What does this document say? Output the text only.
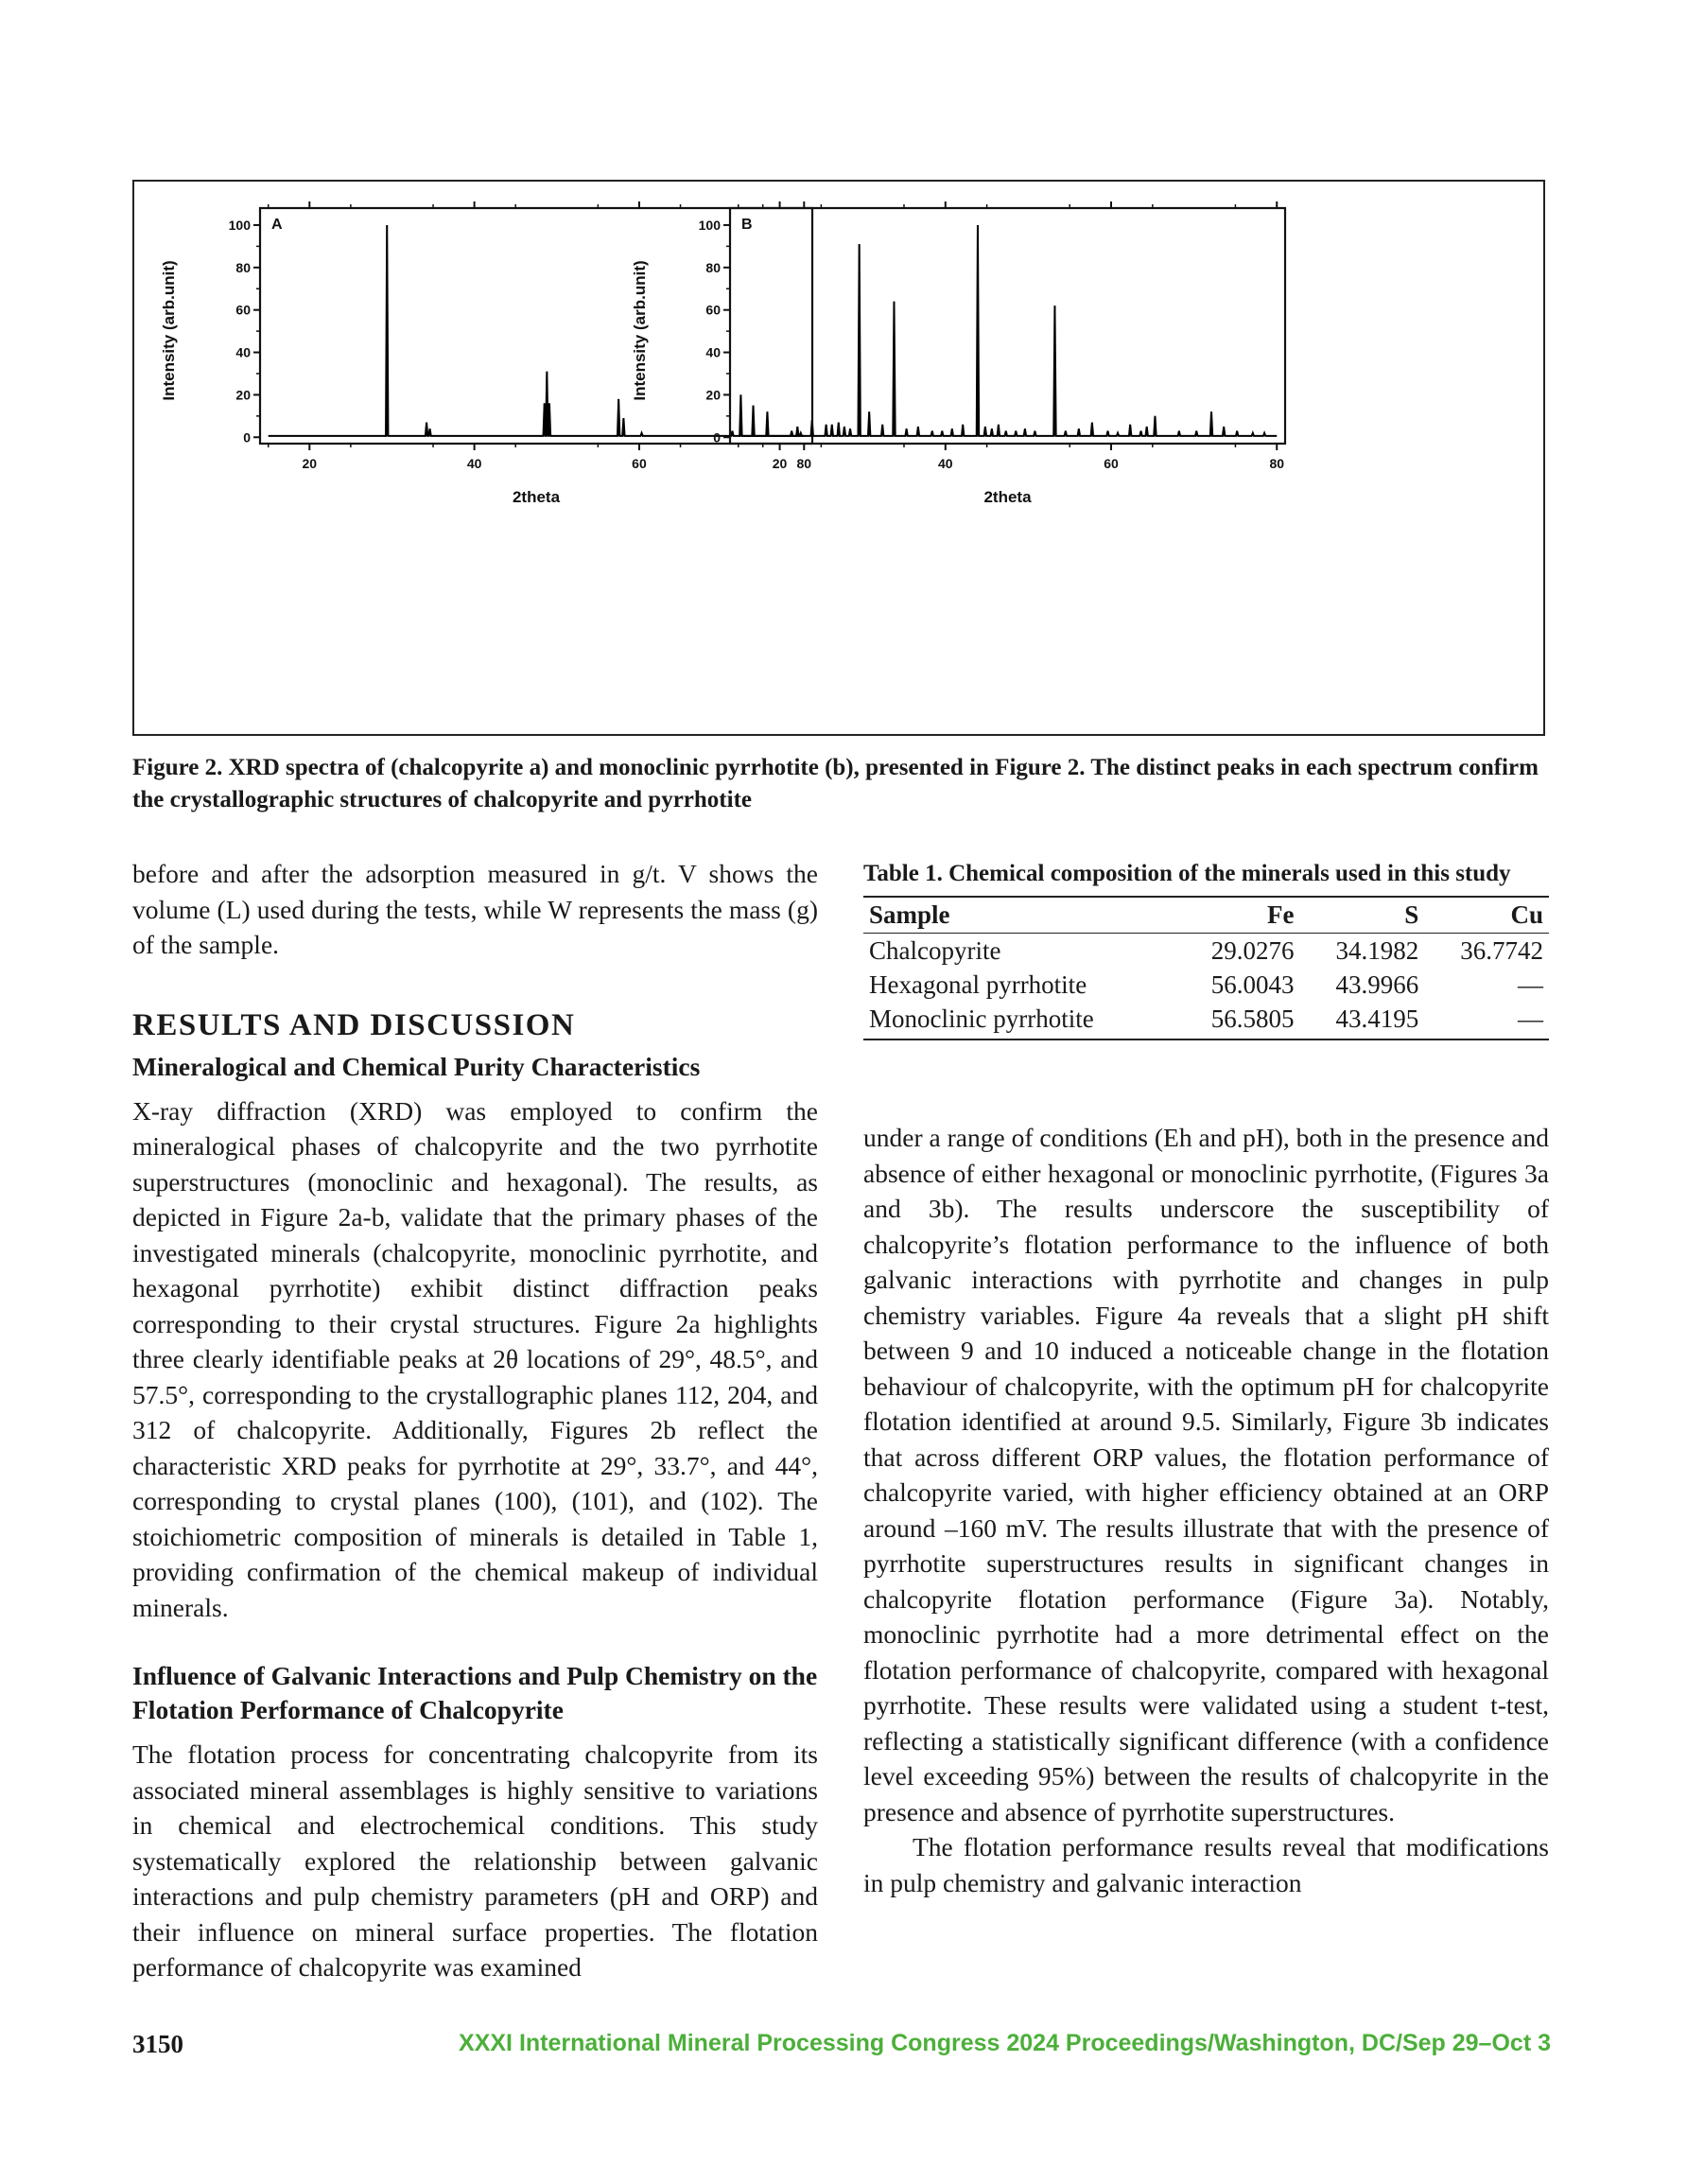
0
20
40
60
80
100
20	40	60	80
A
2theta
Intensity (arb.unit)
0
20
40
60
80
100
20	40	60	80
B
2theta
Intensity (arb.unit)
Figure 2. XRD spectra of (chalcopyrite a) and monoclinic pyrrhotite (b), presented in Figure 2. The distinct peaks in each spectrum confirm the crystallographic structures of chalcopyrite and pyrrhotite

before and after the adsorption measured in g/t. V shows the volume (L) used during the tests, while W represents the mass (g) of the sample.

RESULTS AND DISCUSSION
Mineralogical and Chemical Purity Characteristics

X-ray diffraction (XRD) was employed to confirm the mineralogical phases of chalcopyrite and the two pyrrhotite superstructures (monoclinic and hexagonal). The results, as depicted in Figure 2a-b, validate that the primary phases of the investigated minerals (chalcopyrite, monoclinic pyrrhotite, and hexagonal pyrrhotite) exhibit distinct diffraction peaks corresponding to their crystal structures. Figure 2a highlights three clearly identifiable peaks at 2θ locations of 29°, 48.5°, and 57.5°, corresponding to the crystallographic planes 112, 204, and 312 of chalcopyrite. Additionally, Figures 2b reflect the characteristic XRD peaks for pyrrhotite at 29°, 33.7°, and 44°, corresponding to crystal planes (100), (101), and (102). The stoichiometric composition of minerals is detailed in Table 1, providing confirmation of the chemical makeup of individual minerals.

Influence of Galvanic Interactions and Pulp Chemistry on the Flotation Performance of Chalcopyrite

The flotation process for concentrating chalcopyrite from its associated mineral assemblages is highly sensitive to variations in chemical and electrochemical conditions. This study systematically explored the relationship between galvanic interactions and pulp chemistry parameters (pH and ORP) and their influence on mineral surface properties. The flotation performance of chalcopyrite was examined

Table 1. Chemical composition of the minerals used in this study
Sample	Fe	S	Cu
Chalcopyrite	29.0276	34.1982	36.7742
Hexagonal pyrrhotite	56.0043	43.9966	—
Monoclinic pyrrhotite	56.5805	43.4195	—

under a range of conditions (Eh and pH), both in the presence and absence of either hexagonal or monoclinic pyrrhotite, (Figures 3a and 3b). The results underscore the susceptibility of chalcopyrite’s flotation performance to the influence of both galvanic interactions with pyrrhotite and changes in pulp chemistry variables. Figure 4a reveals that a slight pH shift between 9 and 10 induced a noticeable change in the flotation behaviour of chalcopyrite, with the optimum pH for chalcopyrite flotation identified at around 9.5. Similarly, Figure 3b indicates that across different ORP values, the flotation performance of chalcopyrite varied, with higher efficiency obtained at an ORP around –160 mV. The results illustrate that with the presence of pyrrhotite superstructures results in significant changes in chalcopyrite flotation performance (Figure 3a). Notably, monoclinic pyrrhotite had a more detrimental effect on the flotation performance of chalcopyrite, compared with hexagonal pyrrhotite. These results were validated using a student t-test, reflecting a statistically significant difference (with a confidence level exceeding 95%) between the results of chalcopyrite in the presence and absence of pyrrhotite superstructures.

The flotation performance results reveal that modifications in pulp chemistry and galvanic interaction

3150	XXXI International Mineral Processing Congress 2024 Proceedings/Washington, DC/Sep 29–Oct 3
